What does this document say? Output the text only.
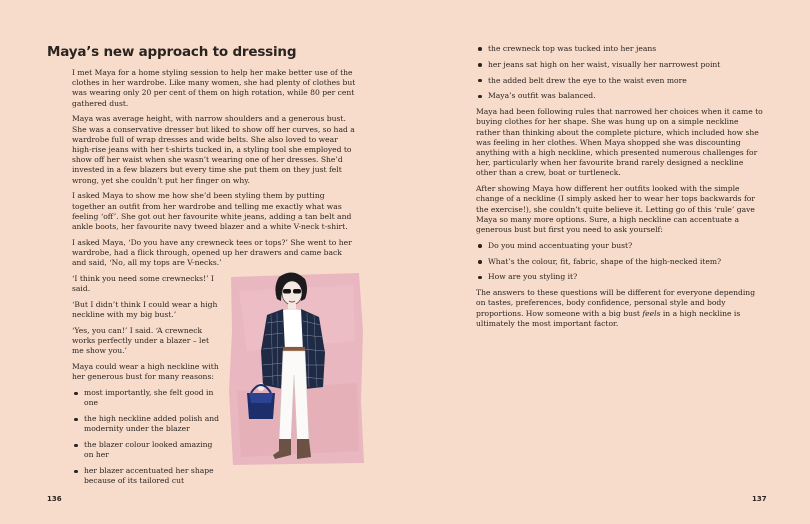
Maya’s new approach to dressing

I met Maya for a home styling session to help her make better use of the clothes in her wardrobe. Like many women, she had plenty of clothes but was wearing only 20 per cent of them on high rotation, while 80 per cent gathered dust.

Maya was average height, with narrow shoulders and a generous bust. She was a conservative dresser but liked to show off her curves, so had a wardrobe full of wrap dresses and wide belts. She also loved to wear high-rise jeans with her t-shirts tucked in, a styling tool she employed to show off her waist when she wasn’t wearing one of her dresses. She’d invested in a few blazers but every time she put them on they just felt wrong, yet she couldn’t put her finger on why.

I asked Maya to show me how she’d been styling them by putting together an outfit from her wardrobe and telling me exactly what was feeling ‘off’. She got out her favourite white jeans, adding a tan belt and ankle boots, her favourite navy tweed blazer and a white V-neck t-shirt.

I asked Maya, ‘Do you have any crewneck tees or tops?’ She went to her wardrobe, had a flick through, opened up her drawers and came back and said, ‘No, all my tops are V-necks.’

‘I think you need some crewnecks!’ I said.

‘But I didn’t think I could wear a high neckline with my big bust.’

‘Yes, you can!’ I said. ‘A crewneck works perfectly under a blazer – let me show you.’

Maya could wear a high neckline with her generous bust for many reasons:

most importantly, she felt good in one
the high neckline added polish and modernity under the blazer
the blazer colour looked amazing on her
her blazer accentuated her shape because of its tailored cut
136
the crewneck top was tucked into her jeans
her jeans sat high on her waist, visually her narrowest point
the added belt drew the eye to the waist even more
Maya’s outfit was balanced.

Maya had been following rules that narrowed her choices when it came to buying clothes for her shape. She was hung up on a simple neckline rather than thinking about the complete picture, which included how she was feeling in her clothes. When Maya shopped she was discounting anything with a high neckline, which presented numerous challenges for her, particularly when her favourite brand rarely designed a neckline other than a crew, boat or turtleneck.

After showing Maya how different her outfits looked with the simple change of a neckline (I simply asked her to wear her tops backwards for the exercise!), she couldn’t quite believe it. Letting go of this ‘rule’ gave Maya so many more options. Sure, a high neckline can accentuate a generous bust but first you need to ask yourself:

Do you mind accentuating your bust?
What’s the colour, fit, fabric, shape of the high-necked item?
How are you styling it?

The answers to these questions will be different for everyone depending on tastes, preferences, body confidence, personal style and body proportions. How someone with a big bust feels in a high neckline is ultimately the most important factor.

137
